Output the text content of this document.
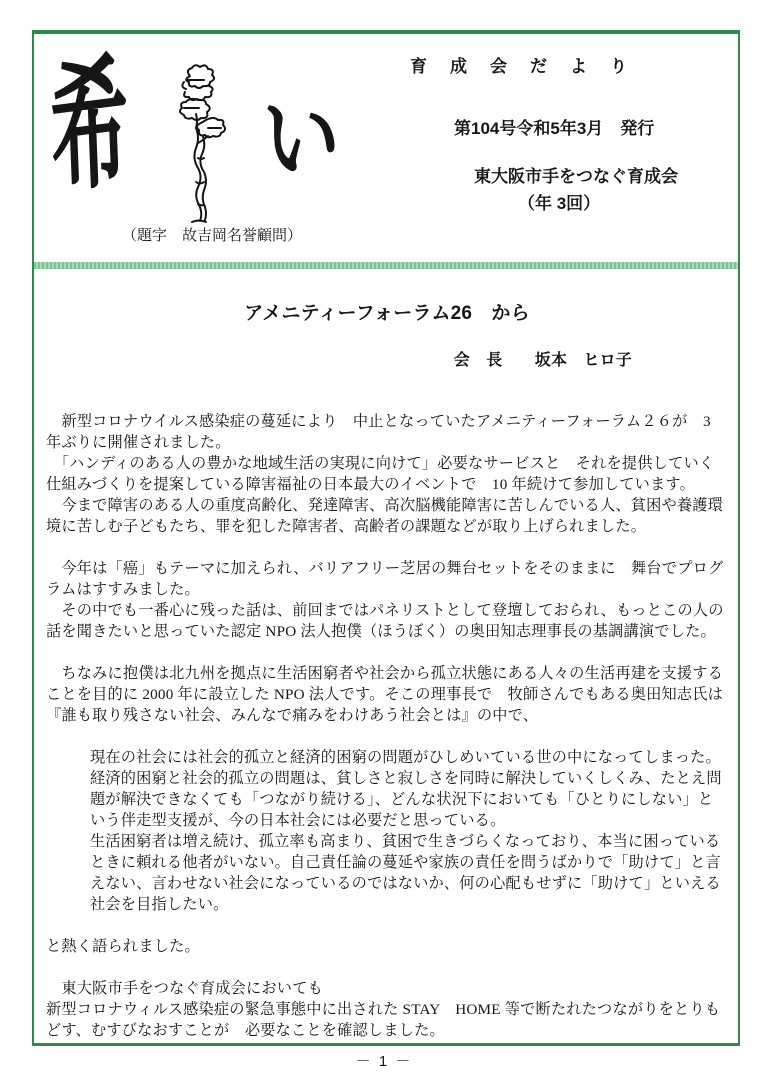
希 い
（題字　故吉岡名誉顧問）
育　成　会　だ　よ　り
第104号令和5年3月　発行
東大阪市手をつなぐ育成会
（年 3回）
アメニティーフォーラム26　から
会　長　　坂本　ヒロ子

　新型コロナウイルス感染症の蔓延により　中止となっていたアメニティーフォーラム２６が　3 年ぶりに開催されました。

　「ハンディのある人の豊かな地域生活の実現に向けて」必要なサービスと　それを提供していく仕組みづくりを提案している障害福祉の日本最大のイベントで　10 年続けて参加しています。

　今まで障害のある人の重度高齢化、発達障害、高次脳機能障害に苦しんでいる人、貧困や養護環境に苦しむ子どもたち、罪を犯した障害者、高齢者の課題などが取り上げられました。

　今年は「癌」もテーマに加えられ、バリアフリー芝居の舞台セットをそのままに　舞台でプログラムはすすみました。

　その中でも一番心に残った話は、前回まではパネリストとして登壇しておられ、もっとこの人の話を聞きたいと思っていた認定 NPO 法人抱僕（ほうぼく）の奥田知志理事長の基調講演でした。

　ちなみに抱僕は北九州を拠点に生活困窮者や社会から孤立状態にある人々の生活再建を支援することを目的に 2000 年に設立した NPO 法人です。そこの理事長で　牧師さんでもある奥田知志氏は『誰も取り残さない社会、みんなで痛みをわけあう社会とは』の中で、

現在の社会には社会的孤立と経済的困窮の問題がひしめいている世の中になってしまった。経済的困窮と社会的孤立の問題は、貧しさと寂しさを同時に解決していくしくみ、たとえ問題が解決できなくても「つながり続ける」、どんな状況下においても「ひとりにしない」という伴走型支援が、今の日本社会には必要だと思っている。

生活困窮者は増え続け、孤立率も高まり、貧困で生きづらくなっており、本当に困っているときに頼れる他者がいない。自己責任論の蔓延や家族の責任を問うばかりで「助けて」と言えない、言わせない社会になっているのではないか、何の心配もせずに「助けて」といえる社会を目指したい。

と熱く語られました。

　東大阪市手をつなぐ育成会においても

新型コロナウィルス感染症の緊急事態中に出された STAY　HOME 等で断たれたつながりをとりもどす、むすびなおすことが　必要なことを確認しました。

－ 1 －
